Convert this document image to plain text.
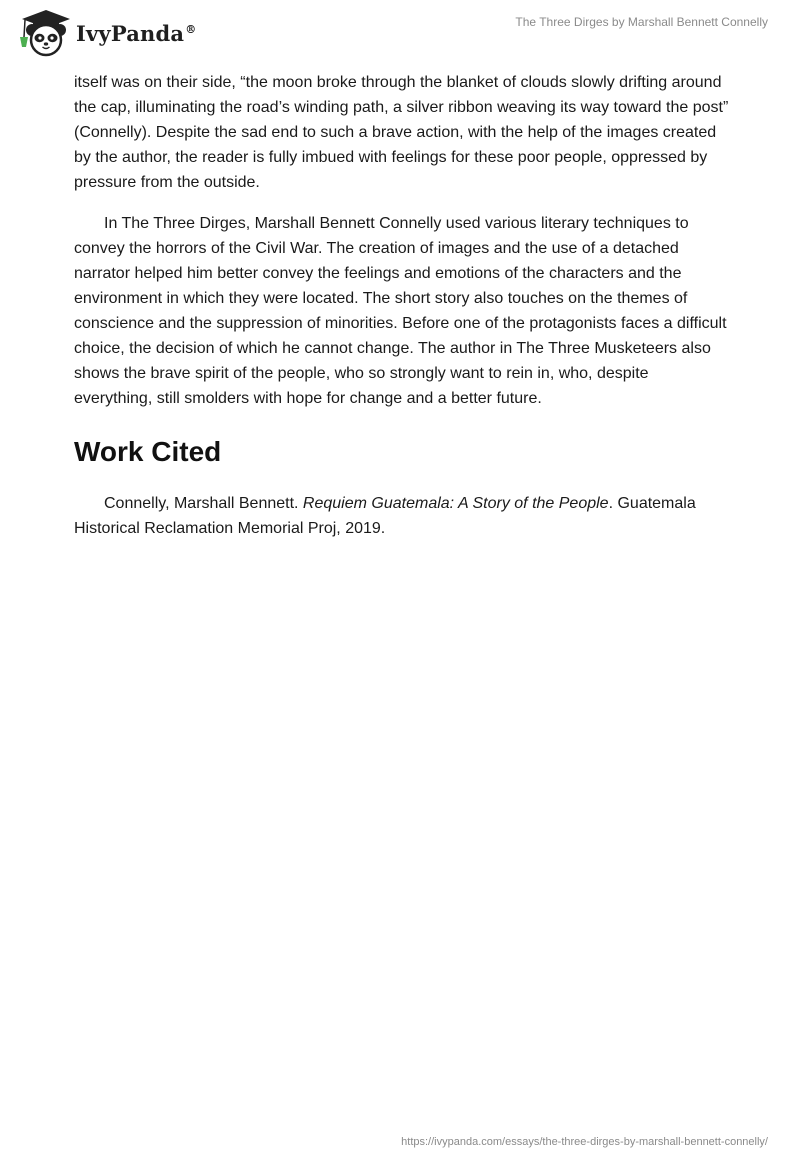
IvyPanda®	The Three Dirges by Marshall Bennett Connelly

itself was on their side, “the moon broke through the blanket of clouds slowly drifting around the cap, illuminating the road’s winding path, a silver ribbon weaving its way toward the post” (Connelly). Despite the sad end to such a brave action, with the help of the images created by the author, the reader is fully imbued with feelings for these poor people, oppressed by pressure from the outside.

In The Three Dirges, Marshall Bennett Connelly used various literary techniques to convey the horrors of the Civil War. The creation of images and the use of a detached narrator helped him better convey the feelings and emotions of the characters and the environment in which they were located. The short story also touches on the themes of conscience and the suppression of minorities. Before one of the protagonists faces a difficult choice, the decision of which he cannot change. The author in The Three Musketeers also shows the brave spirit of the people, who so strongly want to rein in, who, despite everything, still smolders with hope for change and a better future.

Work Cited

Connelly, Marshall Bennett. Requiem Guatemala: A Story of the People. Guatemala Historical Reclamation Memorial Proj, 2019.

https://ivypanda.com/essays/the-three-dirges-by-marshall-bennett-connelly/
